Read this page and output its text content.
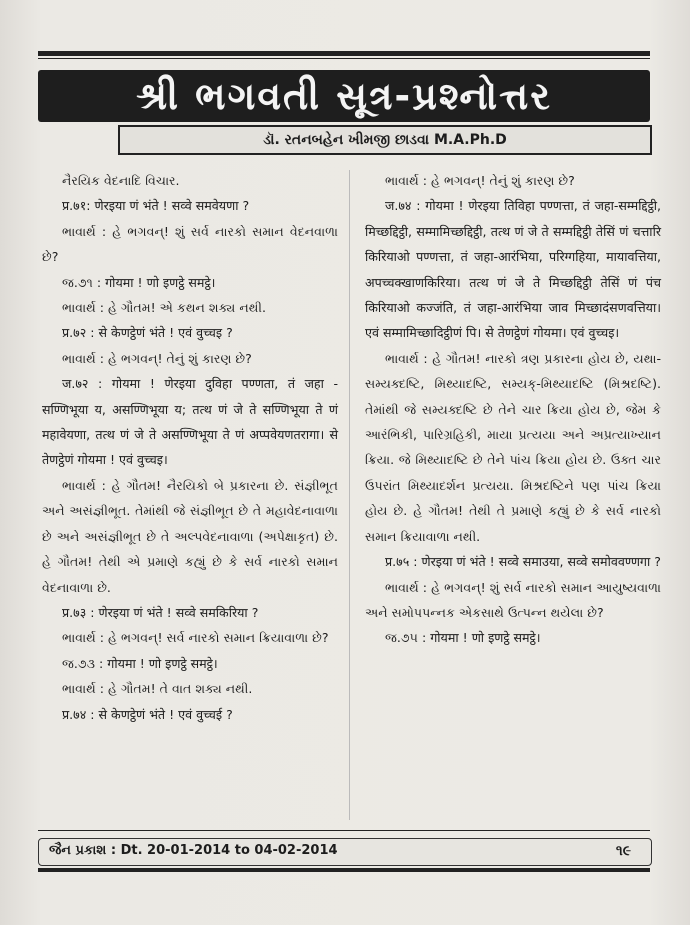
શ્રી ભગવતી સૂત્ર-પ્રશ્નોત્તર
ડૉ. રતનબહેન ખીમજી છાડવા M.A.Ph.D

નૈરયિક વેદનાદિ વિચાર.

प्र.७१: णेरइया णं भंते ! सव्वे समवेयणा ?

ભાવાર્થ : હે ભગવન્! શું સર્વ નારકો સમાન વેદનવાળા છે?

જ.૭૧ : गोयमा ! णो इणट्ठे समट्ठे।

ભાવાર્થ : હે ગૌતમ! એ કથન શક્ય નથી.

प्र.७२ : से केणट्ठेणं भंते ! एवं वुच्चइ ?

ભાવાર્થ : હે ભગવન્! તેનું શું કારણ છે?

ज.७२ : गोयमा ! णेरइया दुविहा पण्णता, तं जहा - सण्णिभूया य, असण्णिभूया य; तत्थ णं जे ते सण्णिभूया ते णं महावेयणा, तत्थ णं जे ते असण्णिभूया ते णं अप्पवेयणतरागा। से तेणट्ठेणं गोयमा ! एवं वुच्चइ।

ભાવાર્થ : હે ગૌતમ! નૈરયિકો બે પ્રકારના છે. સંજ્ઞીભૂત અને અસંજ્ઞીભૂત. તેમાંથી જે સંજ્ઞીભૂત છે તે મહાવેદનાવાળા છે અને અસંજ્ઞીભૂત છે તે અલ્પવેદનાવાળા (અપેક્ષાકૃત) છે. હે ગૌતમ! તેથી એ પ્રમાણે કહ્યું છે કે સર્વ નારકો સમાન વેદનાવાળા છે.

प्र.७३ : णेरइया णं भंते ! सव्वे समकिरिया ?

ભાવાર્થ : હે ભગવન્! સર્વ નારકો સમાન ક્રિયાવાળા છે?

જ.૭૩ : गोयमा ! णो इणट्ठे समट्ठे।

ભાવાર્થ : હે ગૌતમ! તે વાત શક્ય નથી.

प्र.७४ : से केणट्ठेणं भंते ! एवं वुच्चई ?

ભાવાર્થ : હે ભગવન્! તેનું શું કારણ છે?

ज.७४ : गोयमा ! णेरइया तिविहा पण्णत्ता, तं जहा-सम्मद्दिट्ठी, मिच्छद्दिट्ठी, सम्मामिच्छद्दिट्ठी, तत्थ णं जे ते सम्मद्दिट्ठी तेसिं णं चत्तारि किरियाओ पण्णत्ता, तं जहा-आरंभिया, परिग्गहिया, मायावत्तिया, अपच्चक्खाणकिरिया। तत्थ णं जे ते मिच्छद्दिट्ठी तेसिं णं पंच किरियाओ कज्जंति, तं जहा-आरंभिया जाव मिच्छादंसणवत्तिया। एवं सम्मामिच्छादिट्ठीणं पि। से तेणट्ठेणं गोयमा। एवं वुच्चइ।

ભાવાર્થ : હે ગૌતમ! નારકો ત્રણ પ્રકારના હોય છે, યથા-સમ્યક્દષ્ટિ, મિથ્યાદષ્ટિ, સમ્યક્-મિથ્યાદષ્ટિ (મિશ્રદષ્ટિ). તેમાંથી જે સમ્યક્દષ્ટિ છે તેને ચાર ક્રિયા હોય છે, જેમ કે આરંભિકી, પારિગ્રહિકી, માયા પ્રત્યયા અને અપ્રત્યાખ્યાન ક્રિયા. જે મિથ્યાદષ્ટિ છે તેને પાંચ ક્રિયા હોય છે. ઉક્ત ચાર ઉપરાંત મિથ્યાદર્શન પ્રત્યયા. મિશ્રદષ્ટિને પણ પાંચ ક્રિયા હોય છે. હે ગૌતમ! તેથી તે પ્રમાણે કહ્યું છે કે સર્વ નારકો સમાન ક્રિયાવાળા નથી.

प्र.७५ : णेरइया णं भंते ! सव्वे समाउया, सव्वे समोववण्णगा ?

ભાવાર્થ : હે ભગવન્! શું સર્વ નારકો સમાન આયુષ્યવાળા અને સમોપપન્નક એકસાથે ઉત્પન્ન થયેલા છે?

જ.૭૫ : गोयमा ! णो इणट्ठे समट्ठे।

જૈન પ્રકાશ : Dt. 20-01-2014 to 04-02-2014	૧૯
